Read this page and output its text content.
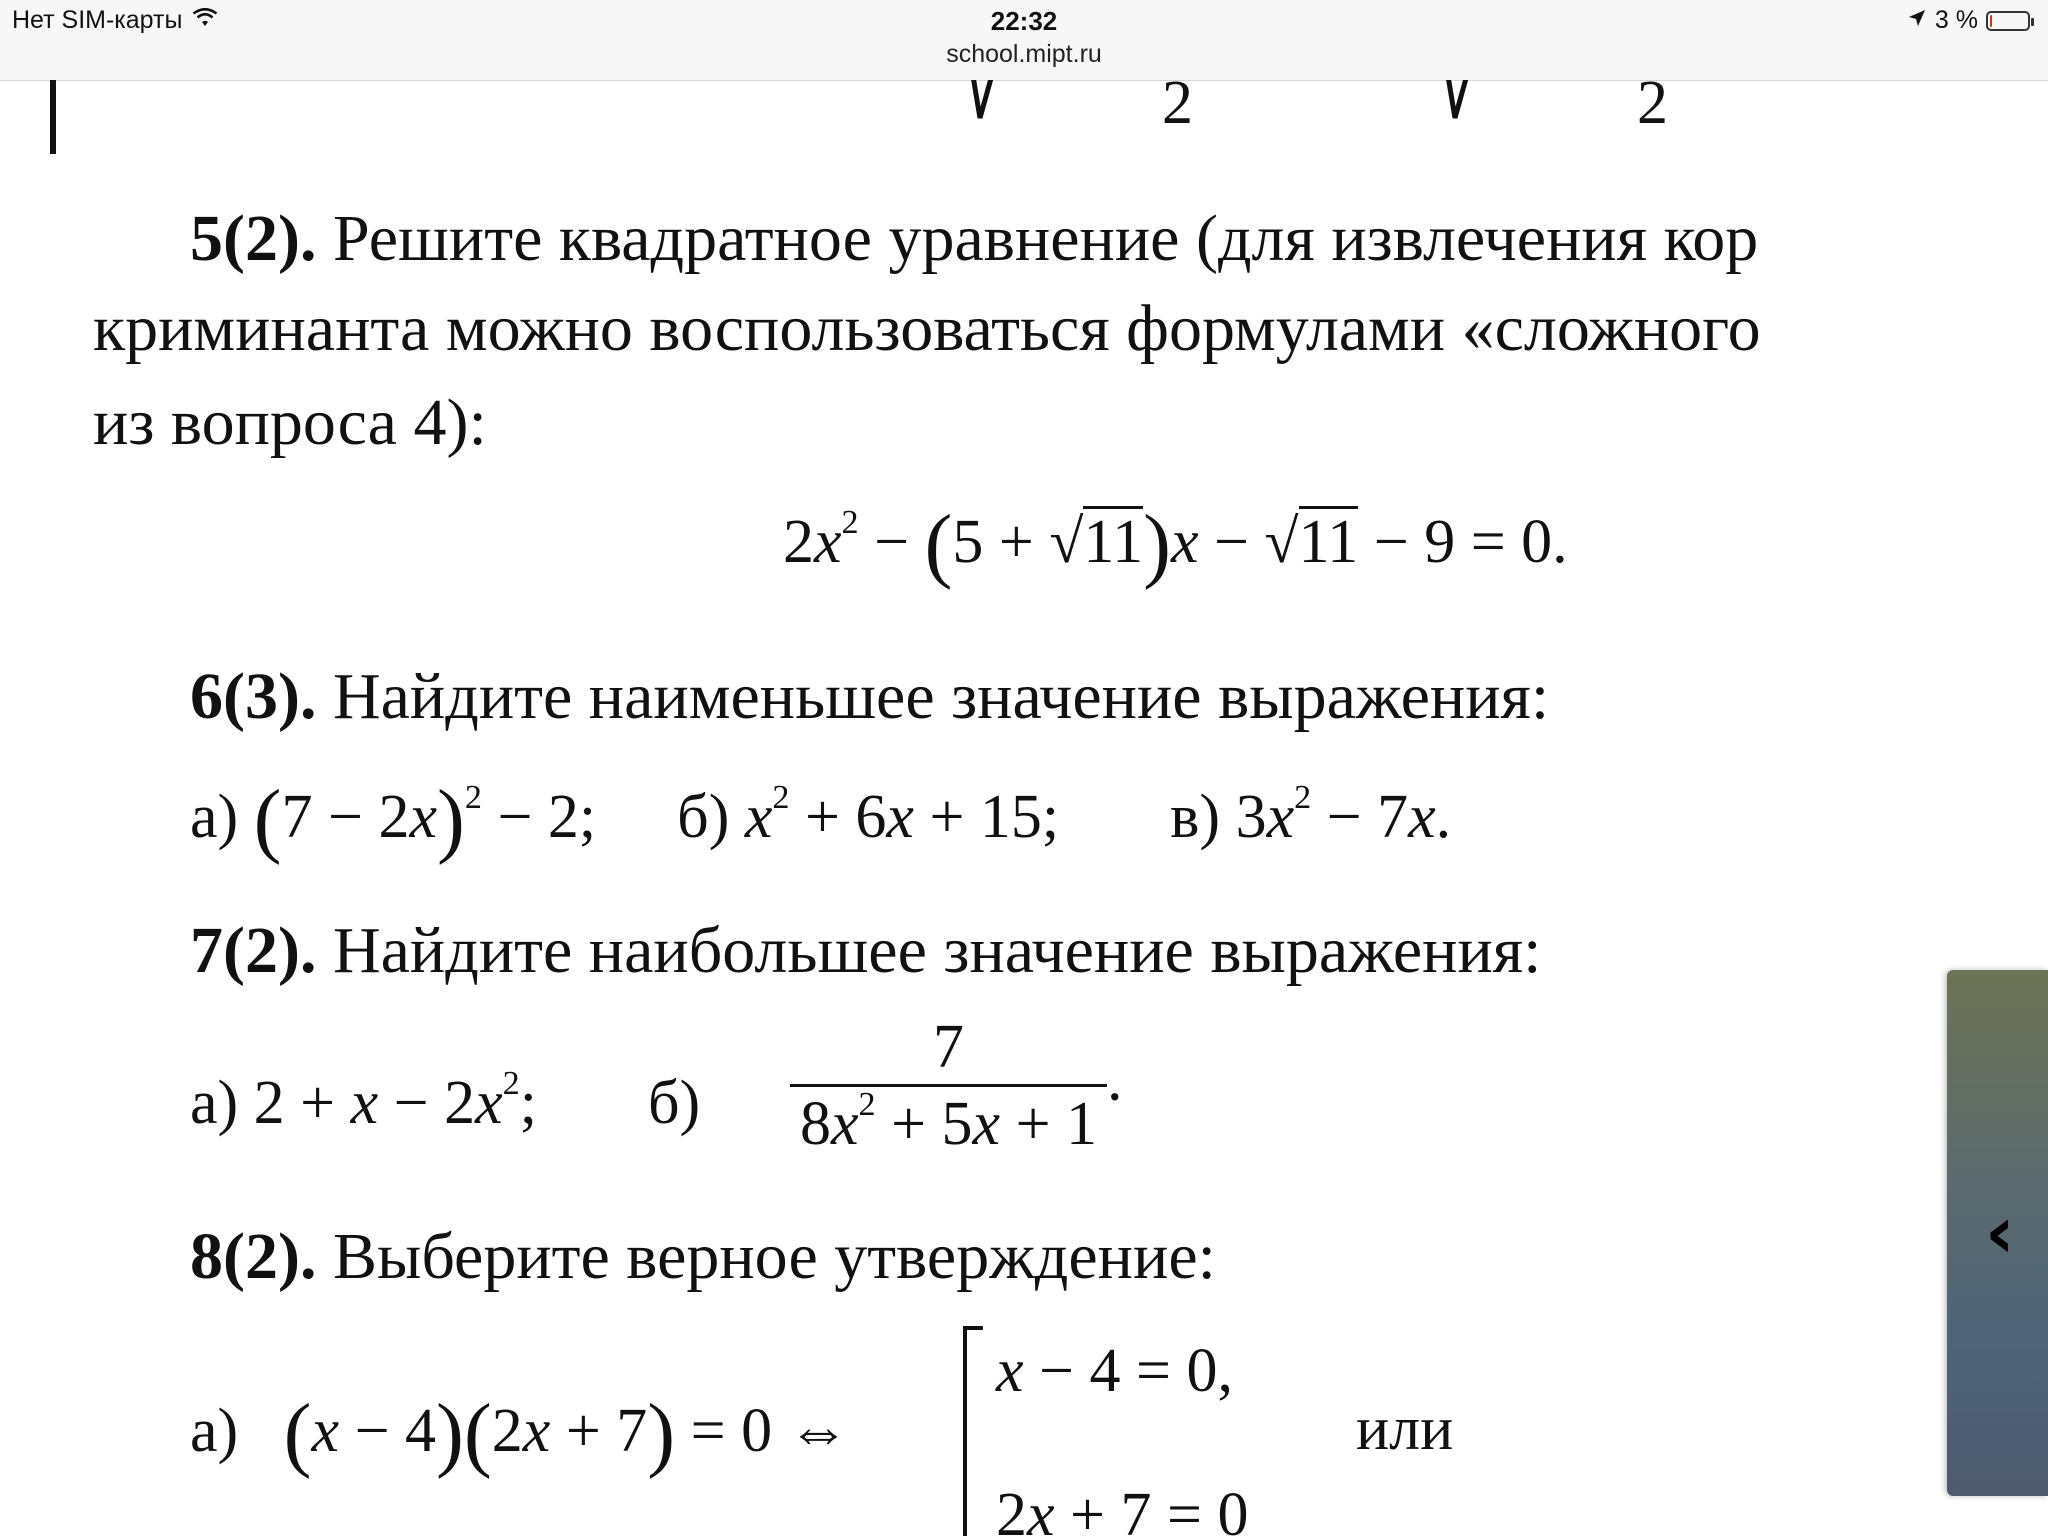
Нет SIM-карты	22:32
school.mipt.ru
3 %
2	2
5(2). Решите квадратное уравнение (для извлечения кор
криминанта можно воспользоваться формулами «сложного
из вопроса 4):
$2x^2 - (5 + √11)x - √11 - 9 = 0$.
6(3). Найдите наименьшее значение выражения:
а) $(7 - 2x)^2 - 2$; б) $x^2 + 6x + 15$; в) $3x^2 - 7x$.
7(2). Найдите наибольшее значение выражения:
а) $2 + x - 2x^2$; $б) \frac{7}{8x^2 + 5x + 1}$ .
8(2). Выберите верное утверждение:
а) (x − 4)(2x + 7) = 0 ⇔
x − 4 = 0,
2x + 7 = 0
или
‹
